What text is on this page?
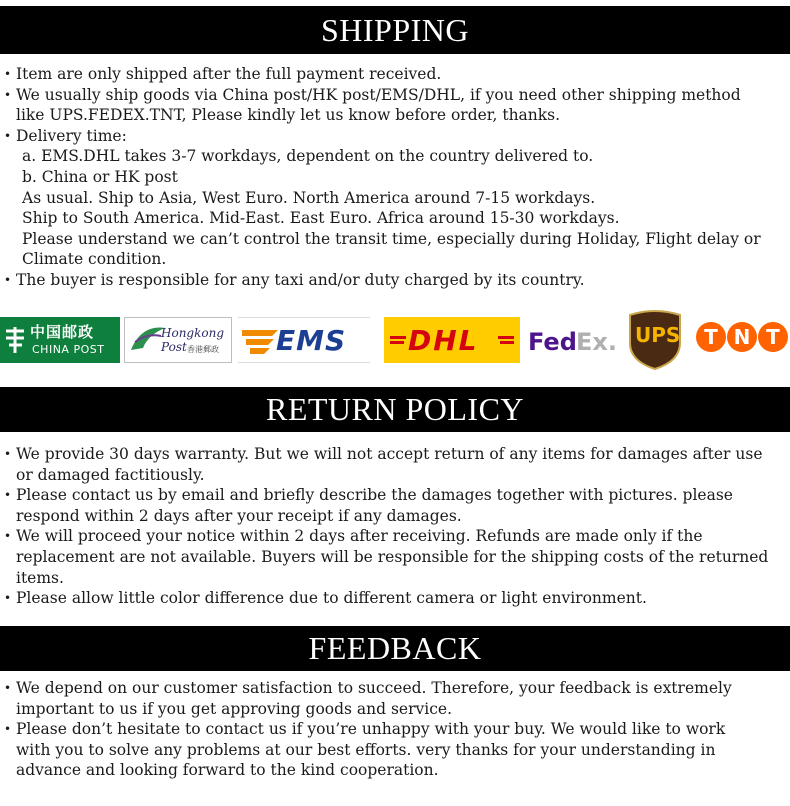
SHIPPING
• Item are only shipped after the full payment received.
• We usually ship goods via China post/HK post/EMS/DHL, if you need other shipping method
like UPS.FEDEX.TNT, Please kindly let us know before order, thanks.
• Delivery time:
a. EMS.DHL takes 3-7 workdays, dependent on the country delivered to.
b. China or HK post
As usual. Ship to Asia, West Euro. North America around 7-15 workdays.
Ship to South America. Mid-East. East Euro. Africa around 15-30 workdays.
Please understand we can’t control the transit time, especially during Holiday, Flight delay or
Climate condition.
• The buyer is responsible for any taxi and/or duty charged by its country.
中国邮政
CHINA POST
Hongkong Post 香港郵政 EMS DHL Fed Ex. UPS	T N T
RETURN POLICY
• We provide 30 days warranty. But we will not accept return of any items for damages after use
or damaged factitiously.
• Please contact us by email and briefly describe the damages together with pictures. please
respond within 2 days after your receipt if any damages.
• We will proceed your notice within 2 days after receiving. Refunds are made only if the
replacement are not available. Buyers will be responsible for the shipping costs of the returned
items.
• Please allow little color difference due to different camera or light environment.
FEEDBACK
• We depend on our customer satisfaction to succeed. Therefore, your feedback is extremely
important to us if you get approving goods and service.
• Please don’t hesitate to contact us if you’re unhappy with your buy. We would like to work
with you to solve any problems at our best efforts. very thanks for your understanding in
advance and looking forward to the kind cooperation.
